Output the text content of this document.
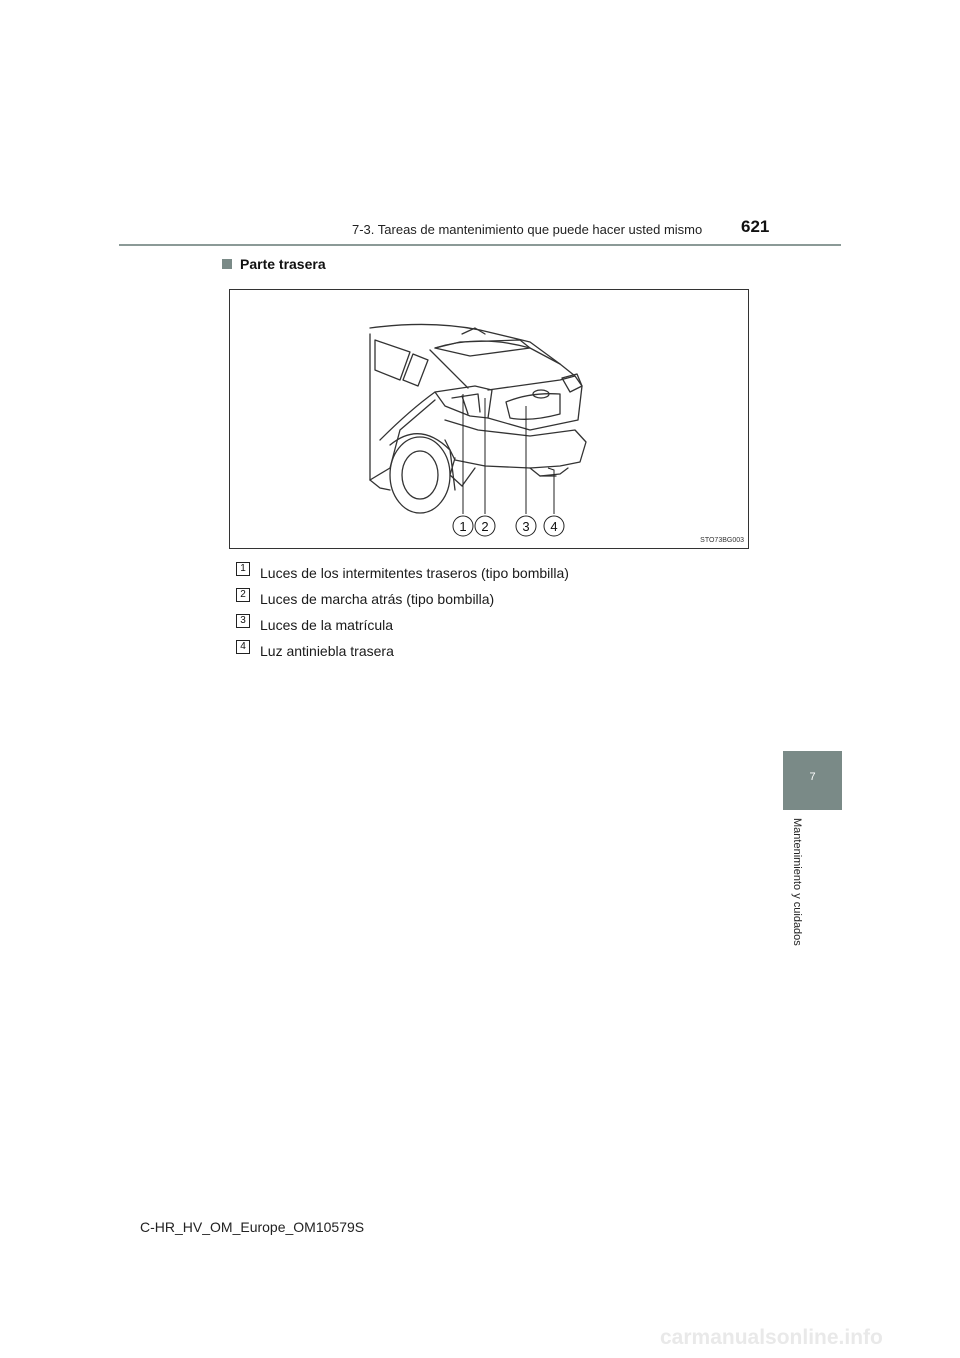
7-3. Tareas de mantenimiento que puede hacer usted mismo 621
Parte trasera
1 2	3 4
STO73BG003
1	Luces de los intermitentes traseros (tipo bombilla)
2	Luces de marcha atrás (tipo bombilla)
3	Luces de la matrícula
4	Luz antiniebla trasera
7
Mantenimiento y cuidados
C-HR_HV_OM_Europe_OM10579S
carmanualsonline.info
